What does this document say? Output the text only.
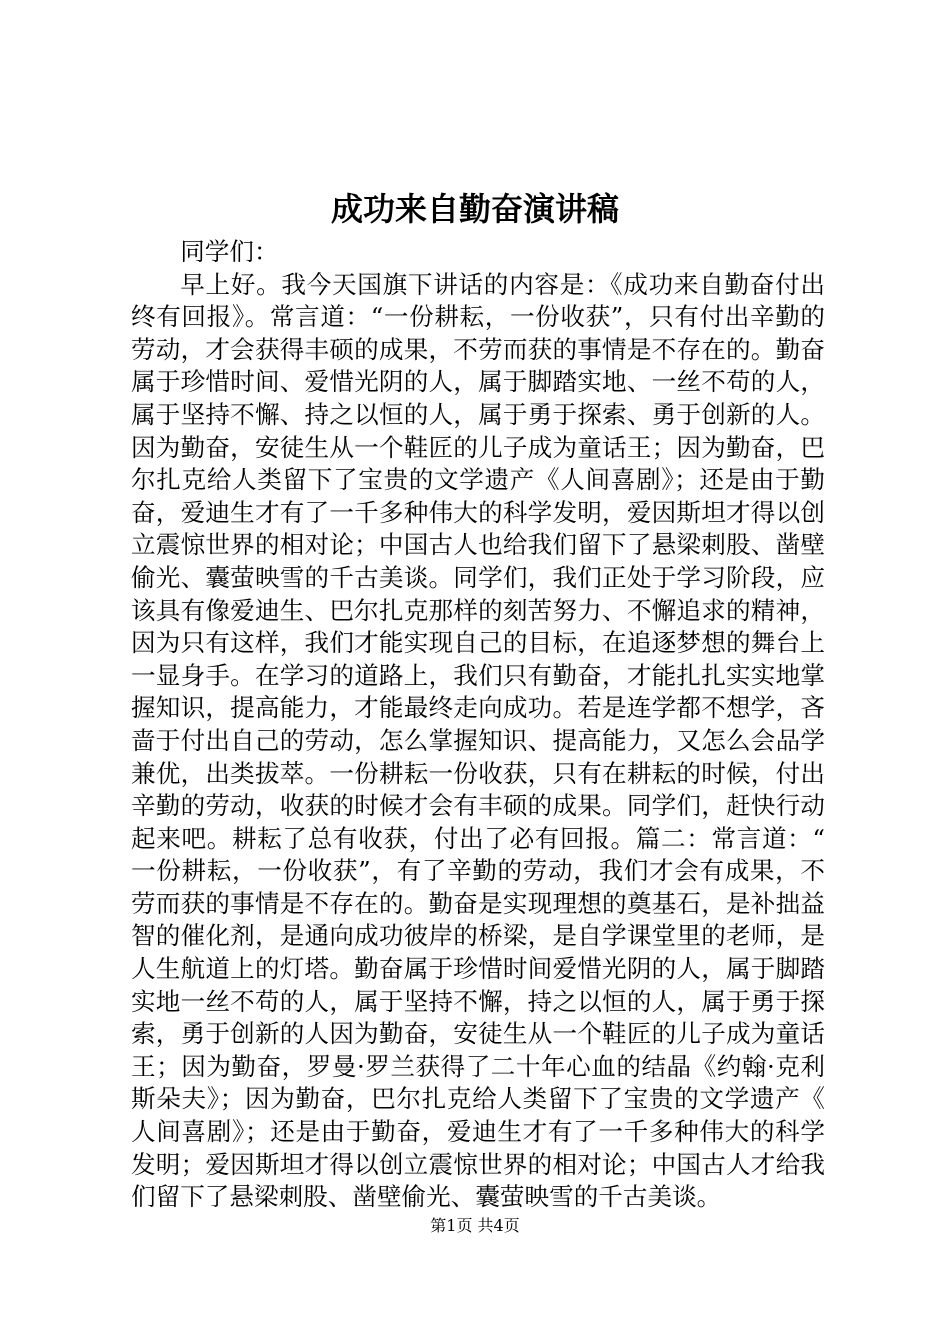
成功来自勤奋演讲稿

同学们：

早上好。我今天国旗下讲话的内容是：《成功来自勤奋付出终有回报》。常言道：“一份耕耘，一份收获”，只有付出辛勤的劳动，才会获得丰硕的成果，不劳而获的事情是不存在的。勤奋属于珍惜时间、爱惜光阴的人，属于脚踏实地、一丝不苟的人，属于坚持不懈、持之以恒的人，属于勇于探索、勇于创新的人。因为勤奋，安徒生从一个鞋匠的儿子成为童话王；因为勤奋，巴尔扎克给人类留下了宝贵的文学遗产《人间喜剧》；还是由于勤奋，爱迪生才有了一千多种伟大的科学发明，爱因斯坦才得以创立震惊世界的相对论；中国古人也给我们留下了悬梁刺股、凿壁偷光、囊萤映雪的千古美谈。同学们，我们正处于学习阶段，应该具有像爱迪生、巴尔扎克那样的刻苦努力、不懈追求的精神，因为只有这样，我们才能实现自己的目标，在追逐梦想的舞台上一显身手。在学习的道路上，我们只有勤奋，才能扎扎实实地掌握知识，提高能力，才能最终走向成功。若是连学都不想学，吝啬于付出自己的劳动，怎么掌握知识、提高能力，又怎么会品学兼优，出类拔萃。一份耕耘一份收获，只有在耕耘的时候，付出辛勤的劳动，收获的时候才会有丰硕的成果。同学们，赶快行动起来吧。耕耘了总有收获，付出了必有回报。篇二：常言道：“一份耕耘，一份收获”，有了辛勤的劳动，我们才会有成果，不劳而获的事情是不存在的。勤奋是实现理想的奠基石，是补拙益智的催化剂，是通向成功彼岸的桥梁，是自学课堂里的老师，是人生航道上的灯塔。勤奋属于珍惜时间爱惜光阴的人，属于脚踏实地一丝不苟的人，属于坚持不懈，持之以恒的人，属于勇于探索，勇于创新的人因为勤奋，安徒生从一个鞋匠的儿子成为童话王；因为勤奋，罗曼·罗兰获得了二十年心血的结晶《约翰·克利斯朵夫》；因为勤奋，巴尔扎克给人类留下了宝贵的文学遗产《人间喜剧》；还是由于勤奋，爱迪生才有了一千多种伟大的科学发明；爱因斯坦才得以创立震惊世界的相对论；中国古人才给我们留下了悬梁刺股、凿壁偷光、囊萤映雪的千古美谈。

第1页 共4页
